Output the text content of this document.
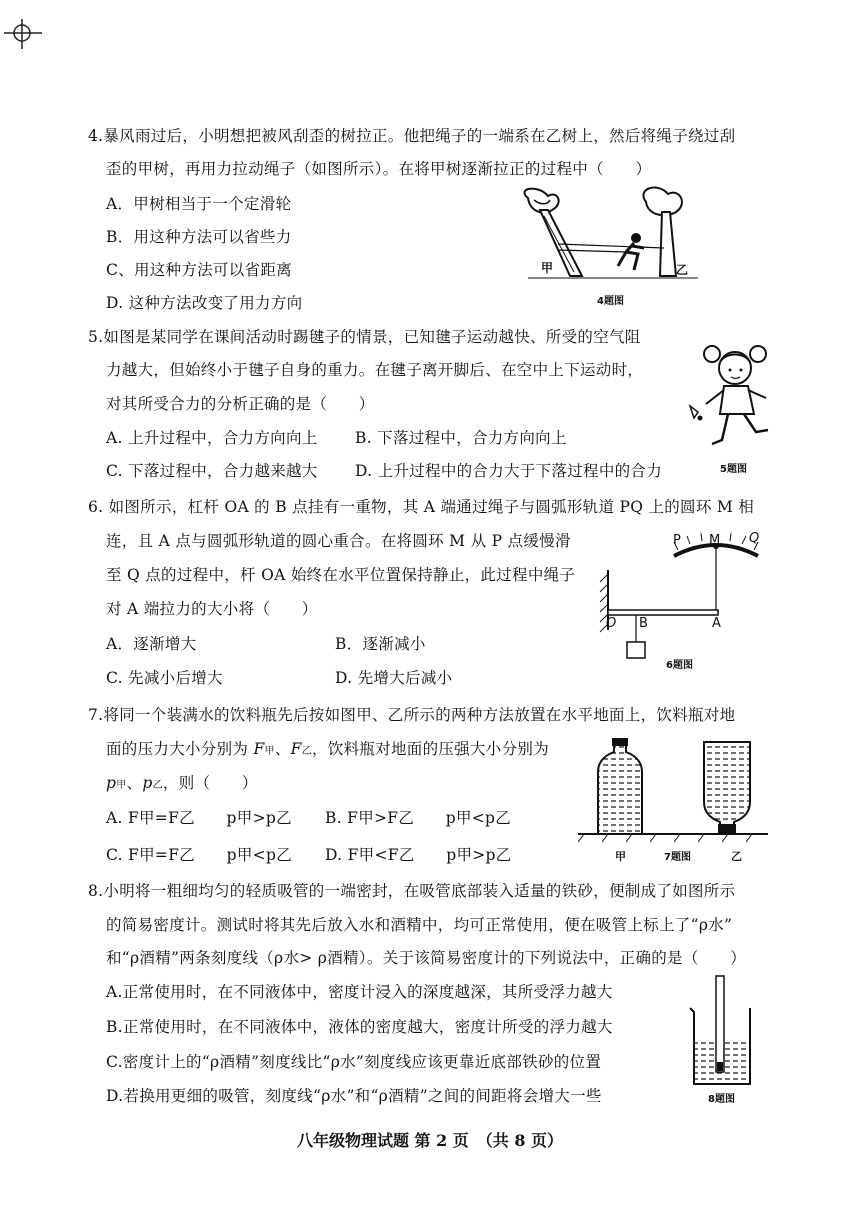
4.暴风雨过后，小明想把被风刮歪的树拉正。他把绳子的一端系在乙树上，然后将绳子绕过刮
歪的甲树，再用力拉动绳子（如图所示）。在将甲树逐渐拉正的过程中（　　）
A．甲树相当于一个定滑轮
B．用这种方法可以省些力
C、用这种方法可以省距离
D. 这种方法改变了用力方向
甲	乙
4题图
5.如图是某同学在课间活动时踢毽子的情景，已知毽子运动越快、所受的空气阻
力越大，但始终小于毽子自身的重力。在毽子离开脚后、在空中上下运动时，
对其所受合力的分析正确的是（　　）
A. 上升过程中，合力方向向上 B. 下落过程中，合力方向向上
C. 下落过程中，合力越来越大 D. 上升过程中的合力大于下落过程中的合力	5题图
6. 如图所示，杠杆 OA 的 B 点挂有一重物，其 A 端通过绳子与圆弧形轨道 PQ 上的圆环 M 相
连，且 A 点与圆弧形轨道的圆心重合。在将圆环 M 从 P 点缓慢滑
至 Q 点的过程中，杆 OA 始终在水平位置保持静止，此过程中绳子
对 A 端拉力的大小将（　　）
A．逐渐增大	B．逐渐减小
C. 先减小后增大	D. 先增大后减小
P M Q
O B	A
6题图
7.将同一个装满水的饮料瓶先后按如图甲、乙所示的两种方法放置在水平地面上，饮料瓶对地
面的压力大小分别为 F甲、F乙，饮料瓶对地面的压强大小分别为
p甲、p乙，则（　　）
A. F甲=F乙　　p甲>p乙 B. F甲>F乙　　p甲<p乙
C. F甲=F乙　　p甲<p乙 D. F甲<F乙　　p甲>p乙	甲	7题图	乙
8.小明将一粗细均匀的轻质吸管的一端密封，在吸管底部装入适量的铁砂，便制成了如图所示
的简易密度计。测试时将其先后放入水和酒精中，均可正常使用，便在吸管上标上了“ρ水”
和“ρ酒精”两条刻度线（ρ水> ρ酒精）。关于该简易密度计的下列说法中，正确的是（　　）
A.正常使用时，在不同液体中，密度计浸入的深度越深，其所受浮力越大
B.正常使用时，在不同液体中，液体的密度越大，密度计所受的浮力越大
C.密度计上的“ρ酒精”刻度线比“ρ水”刻度线应该更靠近底部铁砂的位置
D.若换用更细的吸管，刻度线“ρ水”和“ρ酒精”之间的间距将会增大一些	8题图
八年级物理试题 第 2 页　（共 8 页）
